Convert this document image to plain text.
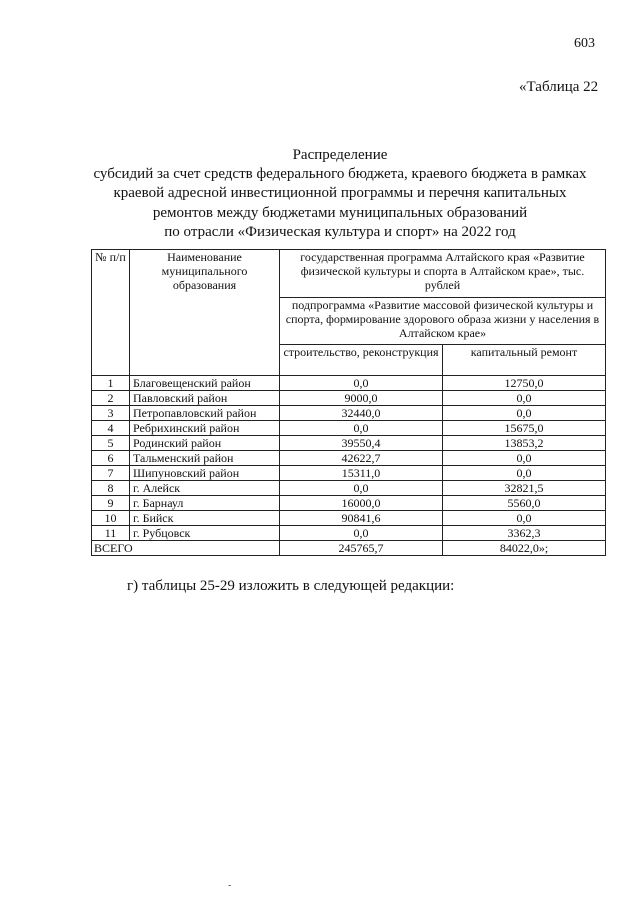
603
«Таблица 22
Распределение
субсидий за счет средств федерального бюджета, краевого бюджета в рамках
краевой адресной инвестиционной программы и перечня капитальных
ремонтов между бюджетами муниципальных образований
по отрасли «Физическая культура и спорт» на 2022 год
№ п/п	Наименование муниципального образования	государственная программа Алтайского края «Развитие физической культуры и спорта в Алтайском крае», тыс. рублей	
		подпрограмма «Развитие массовой физической культуры и спорта, формирование здорового образа жизни у населения в Алтайском крае»	
		строительство, реконструкция	капитальный ремонт
1	Благовещенский район	0,0	12750,0
2	Павловский район	9000,0	0,0
3	Петропавловский район	32440,0	0,0
4	Ребрихинский район	0,0	15675,0
5	Родинский район	39550,4	13853,2
6	Тальменский район	42622,7	0,0
7	Шипуновский район	15311,0	0,0
8	г. Алейск	0,0	32821,5
9	г. Барнаул	16000,0	5560,0
10	г. Бийск	90841,6	0,0
11	г. Рубцовск	0,0	3362,3
ВСЕГО		245765,7	84022,0»;
г) таблицы 25-29 изложить в следующей редакции:
-
